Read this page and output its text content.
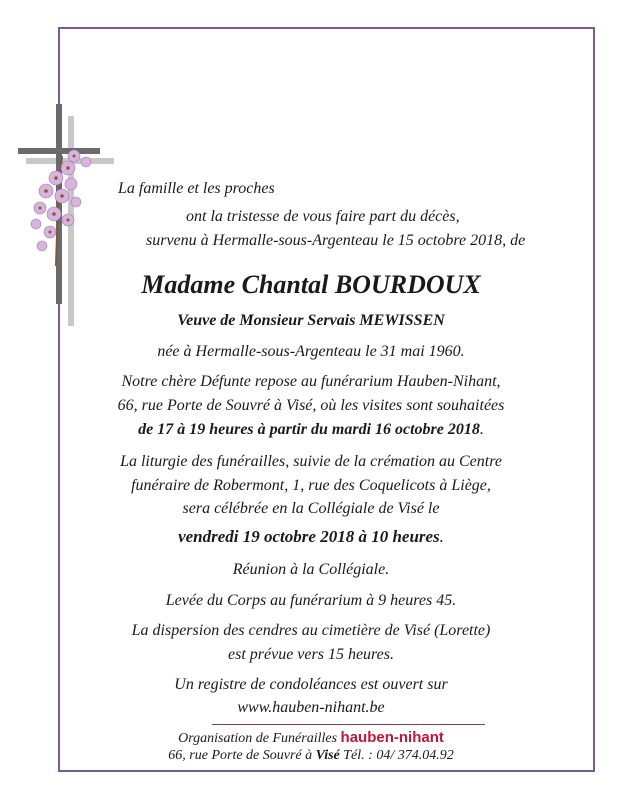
La famille et les proches
ont la tristesse de vous faire part du décès,
survenu à Hermalle-sous-Argenteau le 15 octobre 2018, de
Madame Chantal BOURDOUX
Veuve de Monsieur Servais MEWISSEN
née à Hermalle-sous-Argenteau le 31 mai 1960.
Notre chère Défunte repose au funérarium Hauben-Nihant,
66, rue Porte de Souvré à Visé, où les visites sont souhaitées
de 17 à 19 heures à partir du mardi 16 octobre 2018.
La liturgie des funérailles, suivie de la crémation au Centre
funéraire de Robermont, 1, rue des Coquelicots à Liège,
sera célébrée en la Collégiale de Visé le
vendredi 19 octobre 2018 à 10 heures.
Réunion à la Collégiale.
Levée du Corps au funérarium à 9 heures 45.
La dispersion des cendres au cimetière de Visé (Lorette)
est prévue vers 15 heures.
Un registre de condoléances est ouvert sur
www.hauben-nihant.be
Organisation de Funérailles hauben-nihant
66, rue Porte de Souvré à Visé Tél. : 04/ 374.04.92
